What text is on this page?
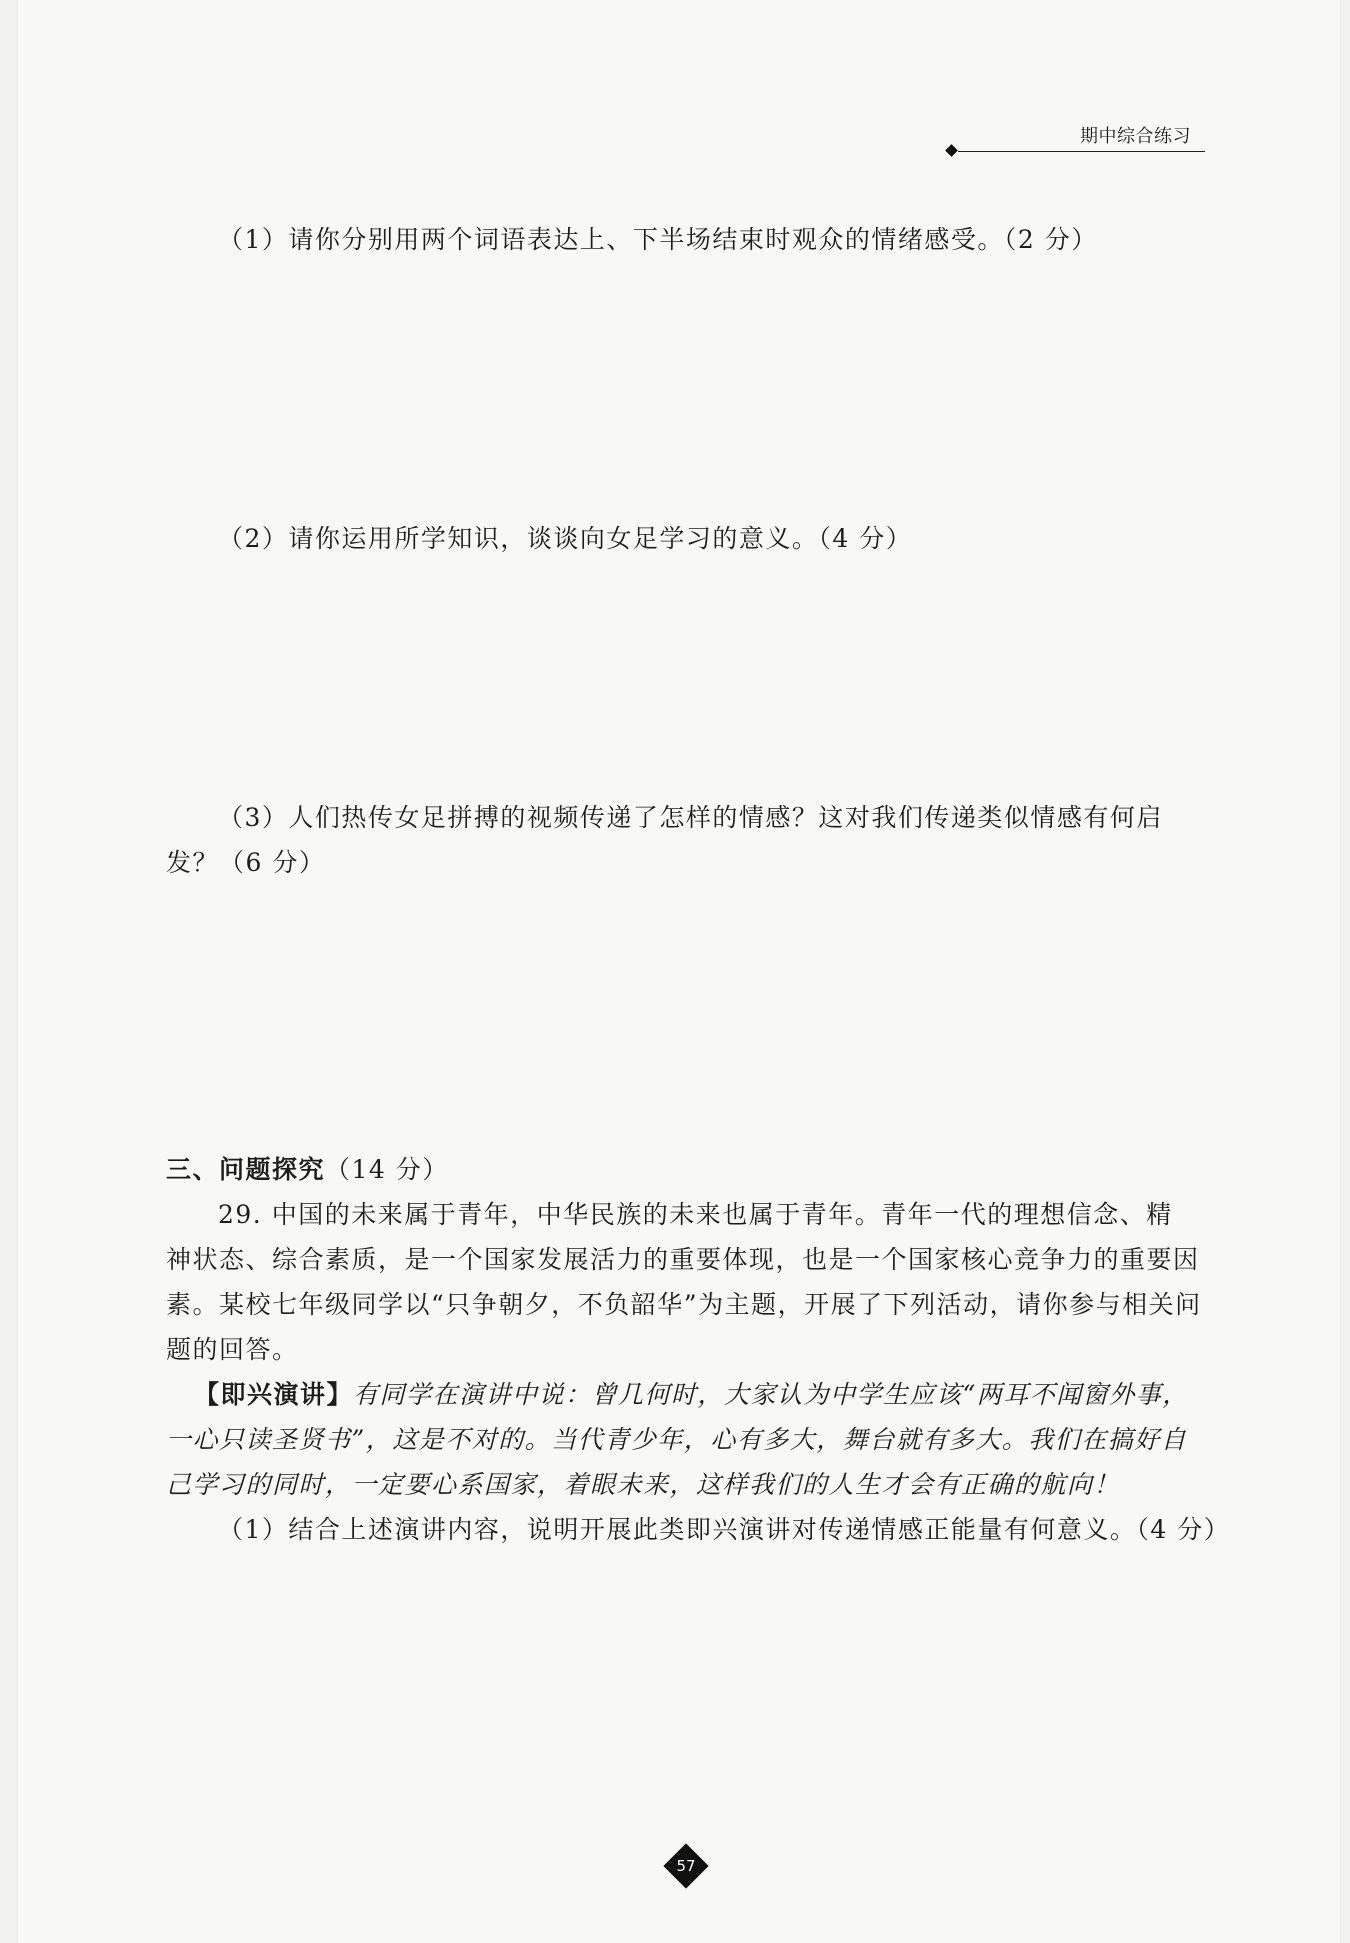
期中综合练习
（1）请你分别用两个词语表达上、下半场结束时观众的情绪感受。（2 分）
（2）请你运用所学知识，谈谈向女足学习的意义。（4 分）
（3）人们热传女足拼搏的视频传递了怎样的情感？这对我们传递类似情感有何启
发？（6 分）
三、问题探究（14 分）
29. 中国的未来属于青年，中华民族的未来也属于青年。青年一代的理想信念、精
神状态、综合素质，是一个国家发展活力的重要体现，也是一个国家核心竞争力的重要因
素。某校七年级同学以“只争朝夕，不负韶华”为主题，开展了下列活动，请你参与相关问
题的回答。
【即兴演讲】有同学在演讲中说：曾几何时，大家认为中学生应该“两耳不闻窗外事，
一心只读圣贤书”，这是不对的。当代青少年，心有多大，舞台就有多大。我们在搞好自
己学习的同时，一定要心系国家，着眼未来，这样我们的人生才会有正确的航向！
（1）结合上述演讲内容，说明开展此类即兴演讲对传递情感正能量有何意义。（4 分）
57
